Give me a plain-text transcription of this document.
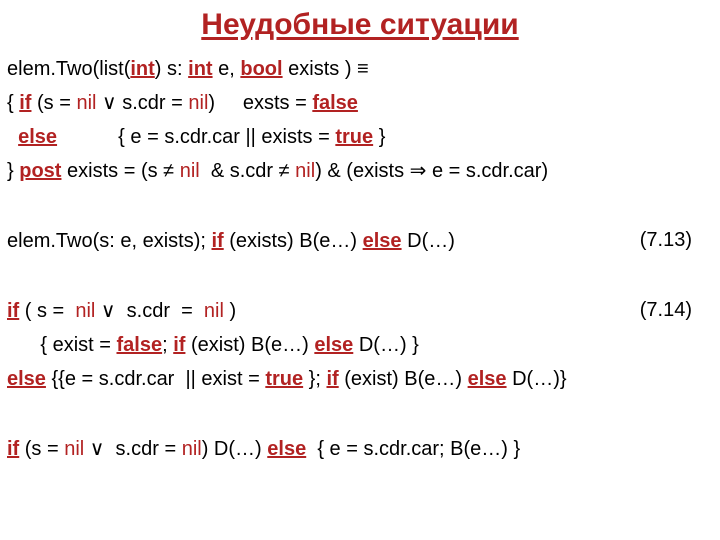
Неудобные ситуации
elem.Two(list(int) s: int e, bool exists ) ≡
{ if (s = nil ∨ s.cdr = nil)     exsts = false
else           { e = s.cdr.car || exists = true }
} post exists = (s ≠ nil  & s.cdr ≠ nil) & (exists ⇒ e = s.cdr.car)
elem.Two(s: e, exists); if (exists) B(e…) else D(…)	(7.13)
if ( s =  nil ∨  s.cdr  =  nil )	(7.14)
{ exist = false; if (exist) B(e…) else D(…) }
else {{e = s.cdr.car  || exist = true }; if (exist) B(e…) else D(…)}
if (s = nil ∨  s.cdr = nil) D(…) else  { e = s.cdr.car; B(e…) }
